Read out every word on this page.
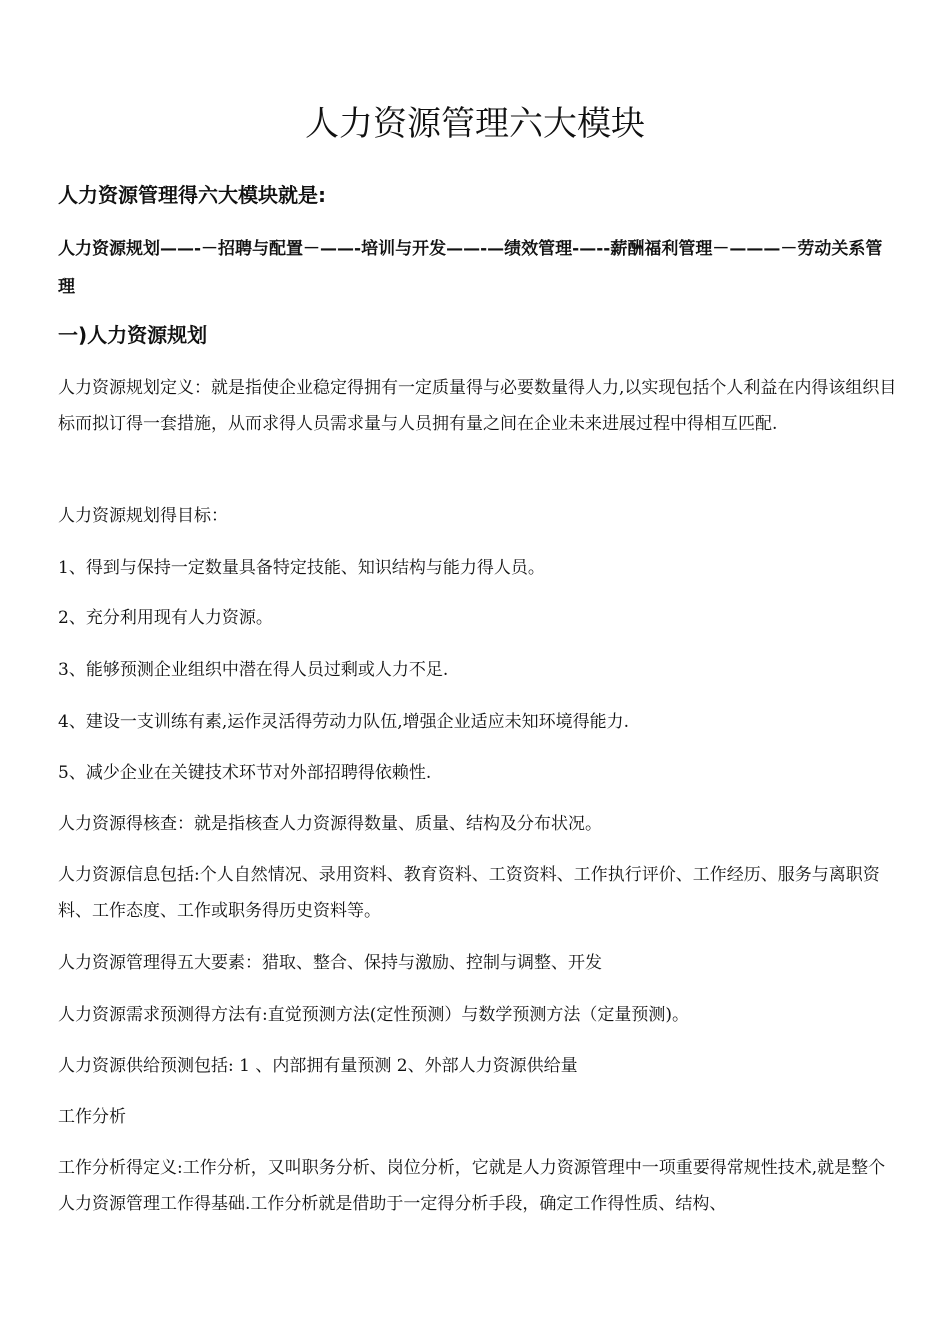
人力资源管理六大模块
人力资源管理得六大模块就是:

人力资源规划——-－招聘与配置－——-培训与开发——-—绩效管理-—--薪酬福利管理－———－劳动关系管理

一)人力资源规划

人力资源规划定义：就是指使企业稳定得拥有一定质量得与必要数量得人力,以实现包括个人利益在内得该组织目标而拟订得一套措施，从而求得人员需求量与人员拥有量之间在企业未来进展过程中得相互匹配.

人力资源规划得目标：

1、得到与保持一定数量具备特定技能、知识结构与能力得人员。

2、充分利用现有人力资源。

3、能够预测企业组织中潜在得人员过剩或人力不足.

4、建设一支训练有素,运作灵活得劳动力队伍,增强企业适应未知环境得能力.

5、减少企业在关键技术环节对外部招聘得依赖性.

人力资源得核查：就是指核查人力资源得数量、质量、结构及分布状况。

人力资源信息包括:个人自然情况、录用资料、教育资料、工资资料、工作执行评价、工作经历、服务与离职资料、工作态度、工作或职务得历史资料等。

人力资源管理得五大要素：猎取、整合、保持与激励、控制与调整、开发

人力资源需求预测得方法有:直觉预测方法(定性预测）与数学预测方法（定量预测)。

人力资源供给预测包括: 1 、内部拥有量预测 2、外部人力资源供给量

工作分析

工作分析得定义:工作分析，又叫职务分析、岗位分析，它就是人力资源管理中一项重要得常规性技术,就是整个人力资源管理工作得基础.工作分析就是借助于一定得分析手段，确定工作得性质、结构、
